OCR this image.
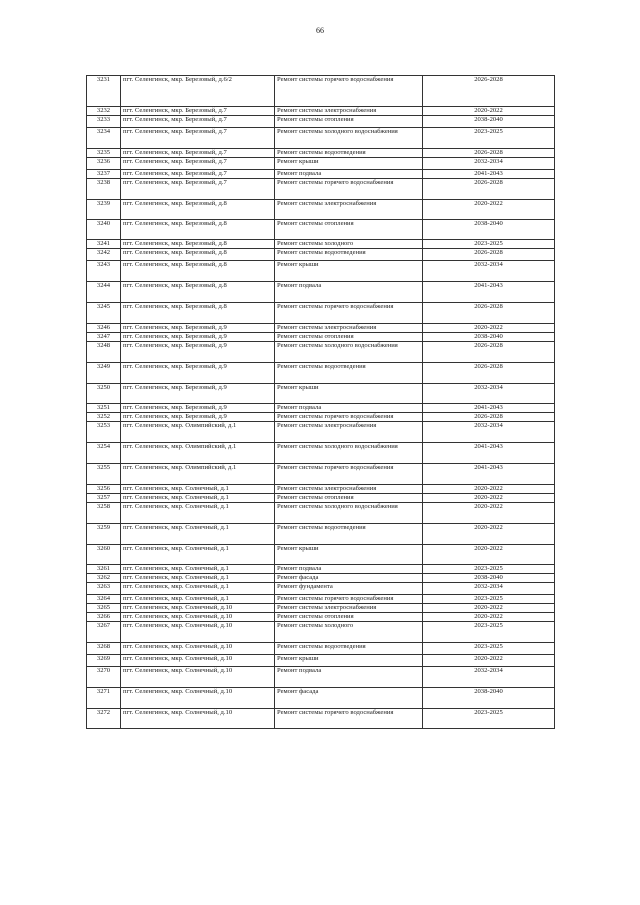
66
3231	пгт. Селенгинск, мкр. Березовый, д.6/2	Ремонт системы горячего водоснабжения	2026-2028
3232	пгт. Селенгинск, мкр. Березовый, д.7	Ремонт системы электроснабжения	2020-2022
3233	пгт. Селенгинск, мкр. Березовый, д.7	Ремонт системы отопления	2038-2040
3234	пгт. Селенгинск, мкр. Березовый, д.7	Ремонт системы холодного водоснабжения	2023-2025
3235	пгт. Селенгинск, мкр. Березовый, д.7	Ремонт системы водоотведения	2026-2028
3236	пгт. Селенгинск, мкр. Березовый, д.7	Ремонт крыши	2032-2034
3237	пгт. Селенгинск, мкр. Березовый, д.7	Ремонт подвала	2041-2043
3238	пгт. Селенгинск, мкр. Березовый, д.7	Ремонт системы горячего водоснабжения	2026-2028
3239	пгт. Селенгинск, мкр. Березовый, д.8	Ремонт системы электроснабжения	2020-2022
3240	пгт. Селенгинск, мкр. Березовый, д.8	Ремонт системы отопления	2038-2040
3241	пгт. Селенгинск, мкр. Березовый, д.8	Ремонт системы холодного	2023-2025
3242	пгт. Селенгинск, мкр. Березовый, д.8	Ремонт системы водоотведения	2026-2028
3243	пгт. Селенгинск, мкр. Березовый, д.8	Ремонт крыши	2032-2034
3244	пгт. Селенгинск, мкр. Березовый, д.8	Ремонт подвала	2041-2043
3245	пгт. Селенгинск, мкр. Березовый, д.8	Ремонт системы горячего водоснабжения	2026-2028
3246	пгт. Селенгинск, мкр. Березовый, д.9	Ремонт системы электроснабжения	2020-2022
3247	пгт. Селенгинск, мкр. Березовый, д.9	Ремонт системы отопления	2038-2040
3248	пгт. Селенгинск, мкр. Березовый, д.9	Ремонт системы холодного водоснабжения	2026-2028
3249	пгт. Селенгинск, мкр. Березовый, д.9	Ремонт системы водоотведения	2026-2028
3250	пгт. Селенгинск, мкр. Березовый, д.9	Ремонт крыши	2032-2034
3251	пгт. Селенгинск, мкр. Березовый, д.9	Ремонт подвала	2041-2043
3252	пгт. Селенгинск, мкр. Березовый, д.9	Ремонт системы горячего водоснабжения	2026-2028
3253	пгт. Селенгинск, мкр. Олимпийский, д.1	Ремонт системы электроснабжения	2032-2034
3254	пгт. Селенгинск, мкр. Олимпийский, д.1	Ремонт системы холодного водоснабжения	2041-2043
3255	пгт. Селенгинск, мкр. Олимпийский, д.1	Ремонт системы горячего водоснабжения	2041-2043
3256	пгт. Селенгинск, мкр. Солнечный, д.1	Ремонт системы электроснабжения	2020-2022
3257	пгт. Селенгинск, мкр. Солнечный, д.1	Ремонт системы отопления	2020-2022
3258	пгт. Селенгинск, мкр. Солнечный, д.1	Ремонт системы холодного водоснабжения	2020-2022
3259	пгт. Селенгинск, мкр. Солнечный, д.1	Ремонт системы водоотведения	2020-2022
3260	пгт. Селенгинск, мкр. Солнечный, д.1	Ремонт крыши	2020-2022
3261	пгт. Селенгинск, мкр. Солнечный, д.1	Ремонт подвала	2023-2025
3262	пгт. Селенгинск, мкр. Солнечный, д.1	Ремонт фасада	2038-2040
3263	пгт. Селенгинск, мкр. Солнечный, д.1	Ремонт фундамента	2032-2034
3264	пгт. Селенгинск, мкр. Солнечный, д.1	Ремонт системы горячего водоснабжения	2023-2025
3265	пгт. Селенгинск, мкр. Солнечный, д.10	Ремонт системы электроснабжения	2020-2022
3266	пгт. Селенгинск, мкр. Солнечный, д.10	Ремонт системы отопления	2020-2022
3267	пгт. Селенгинск, мкр. Солнечный, д.10	Ремонт системы холодного	2023-2025
3268	пгт. Селенгинск, мкр. Солнечный, д.10	Ремонт системы водоотведения	2023-2025
3269	пгт. Селенгинск, мкр. Солнечный, д.10	Ремонт крыши	2020-2022
3270	пгт. Селенгинск, мкр. Солнечный, д.10	Ремонт подвала	2032-2034
3271	пгт. Селенгинск, мкр. Солнечный, д.10	Ремонт фасада	2038-2040
3272	пгт. Селенгинск, мкр. Солнечный, д.10	Ремонт системы горячего водоснабжения	2023-2025
